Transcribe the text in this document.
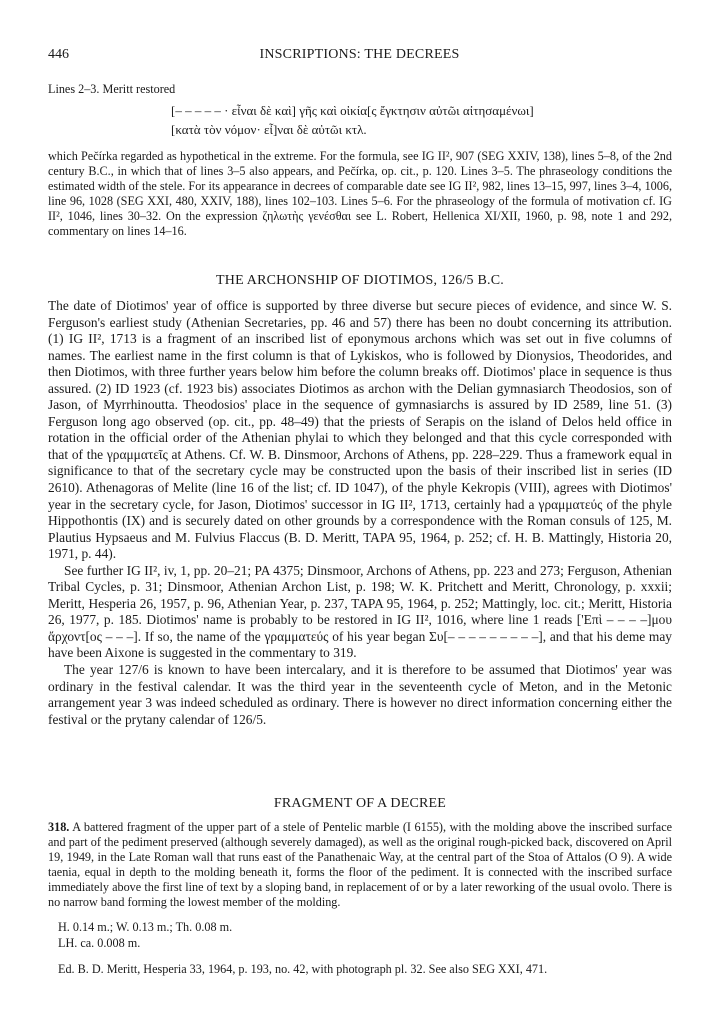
446	INSCRIPTIONS: THE DECREES

Lines 2–3. Meritt restored

[– – – – – · εἶναι δὲ καὶ] γῆς καὶ οἰκία[ς ἔγκτησιν αὐτῶι αἰτησαμένωι]
[κατὰ τὸν νόμον· εἶ]ναι δὲ αὐτῶι κτλ.

which Pečírka regarded as hypothetical in the extreme. For the formula, see IG II², 907 (SEG XXIV, 138), lines 5–8, of the 2nd century B.C., in which that of lines 3–5 also appears, and Pečírka, op. cit., p. 120. Lines 3–5. The phraseology conditions the estimated width of the stele. For its appearance in decrees of comparable date see IG II², 982, lines 13–15, 997, lines 3–4, 1006, line 96, 1028 (SEG XXI, 480, XXIV, 188), lines 102–103. Lines 5–6. For the phraseology of the formula of motivation cf. IG II², 1046, lines 30–32. On the expression ζηλωτὴς γενέσθαι see L. Robert, Hellenica XI/XII, 1960, p. 98, note 1 and 292, commentary on lines 14–16.

THE ARCHONSHIP OF DIOTIMOS, 126/5 B.C.

The date of Diotimos' year of office is supported by three diverse but secure pieces of evidence, and since W. S. Ferguson's earliest study (Athenian Secretaries, pp. 46 and 57) there has been no doubt concerning its attribution. (1) IG II², 1713 is a fragment of an inscribed list of eponymous archons which was set out in five columns of names. The earliest name in the first column is that of Lykiskos, who is followed by Dionysios, Theodorides, and then Diotimos, with three further years below him before the column breaks off. Diotimos' place in sequence is thus assured. (2) ID 1923 (cf. 1923 bis) associates Diotimos as archon with the Delian gymnasiarch Theodosios, son of Jason, of Myrrhinoutta. Theodosios' place in the sequence of gymnasiarchs is assured by ID 2589, line 51. (3) Ferguson long ago observed (op. cit., pp. 48–49) that the priests of Serapis on the island of Delos held office in rotation in the official order of the Athenian phylai to which they belonged and that this cycle corresponded with that of the γραμματεῖς at Athens. Cf. W. B. Dinsmoor, Archons of Athens, pp. 228–229. Thus a framework equal in significance to that of the secretary cycle may be constructed upon the basis of their inscribed list in series (ID 2610). Athenagoras of Melite (line 16 of the list; cf. ID 1047), of the phyle Kekropis (VIII), agrees with Diotimos' year in the secretary cycle, for Jason, Diotimos' successor in IG II², 1713, certainly had a γραμματεύς of the phyle Hippothontis (IX) and is securely dated on other grounds by a correspondence with the Roman consuls of 125, M. Plautius Hypsaeus and M. Fulvius Flaccus (B. D. Meritt, TAPA 95, 1964, p. 252; cf. H. B. Mattingly, Historia 20, 1971, p. 44).

See further IG II², iv, 1, pp. 20–21; PA 4375; Dinsmoor, Archons of Athens, pp. 223 and 273; Ferguson, Athenian Tribal Cycles, p. 31; Dinsmoor, Athenian Archon List, p. 198; W. K. Pritchett and Meritt, Chronology, p. xxxii; Meritt, Hesperia 26, 1957, p. 96, Athenian Year, p. 237, TAPA 95, 1964, p. 252; Mattingly, loc. cit.; Meritt, Historia 26, 1977, p. 185. Diotimos' name is probably to be restored in IG II², 1016, where line 1 reads ['Επὶ – – – –]μου ἄρχοντ[ος – – –]. If so, the name of the γραμματεύς of his year began Συ[– – – – – – – – –], and that his deme may have been Aixone is suggested in the commentary to 319.

The year 127/6 is known to have been intercalary, and it is therefore to be assumed that Diotimos' year was ordinary in the festival calendar. It was the third year in the seventeenth cycle of Meton, and in the Metonic arrangement year 3 was indeed scheduled as ordinary. There is however no direct information concerning either the festival or the prytany calendar of 126/5.

FRAGMENT OF A DECREE

318. A battered fragment of the upper part of a stele of Pentelic marble (I 6155), with the molding above the inscribed surface and part of the pediment preserved (although severely damaged), as well as the original rough-picked back, discovered on April 19, 1949, in the Late Roman wall that runs east of the Panathenaic Way, at the central part of the Stoa of Attalos (O 9). A wide taenia, equal in depth to the molding beneath it, forms the floor of the pediment. It is connected with the inscribed surface immediately above the first line of text by a sloping band, in replacement of or by a later reworking of the usual ovolo. There is no narrow band forming the lowest member of the molding.

H. 0.14 m.; W. 0.13 m.; Th. 0.08 m.

LH. ca. 0.008 m.

Ed. B. D. Meritt, Hesperia 33, 1964, p. 193, no. 42, with photograph pl. 32. See also SEG XXI, 471.
